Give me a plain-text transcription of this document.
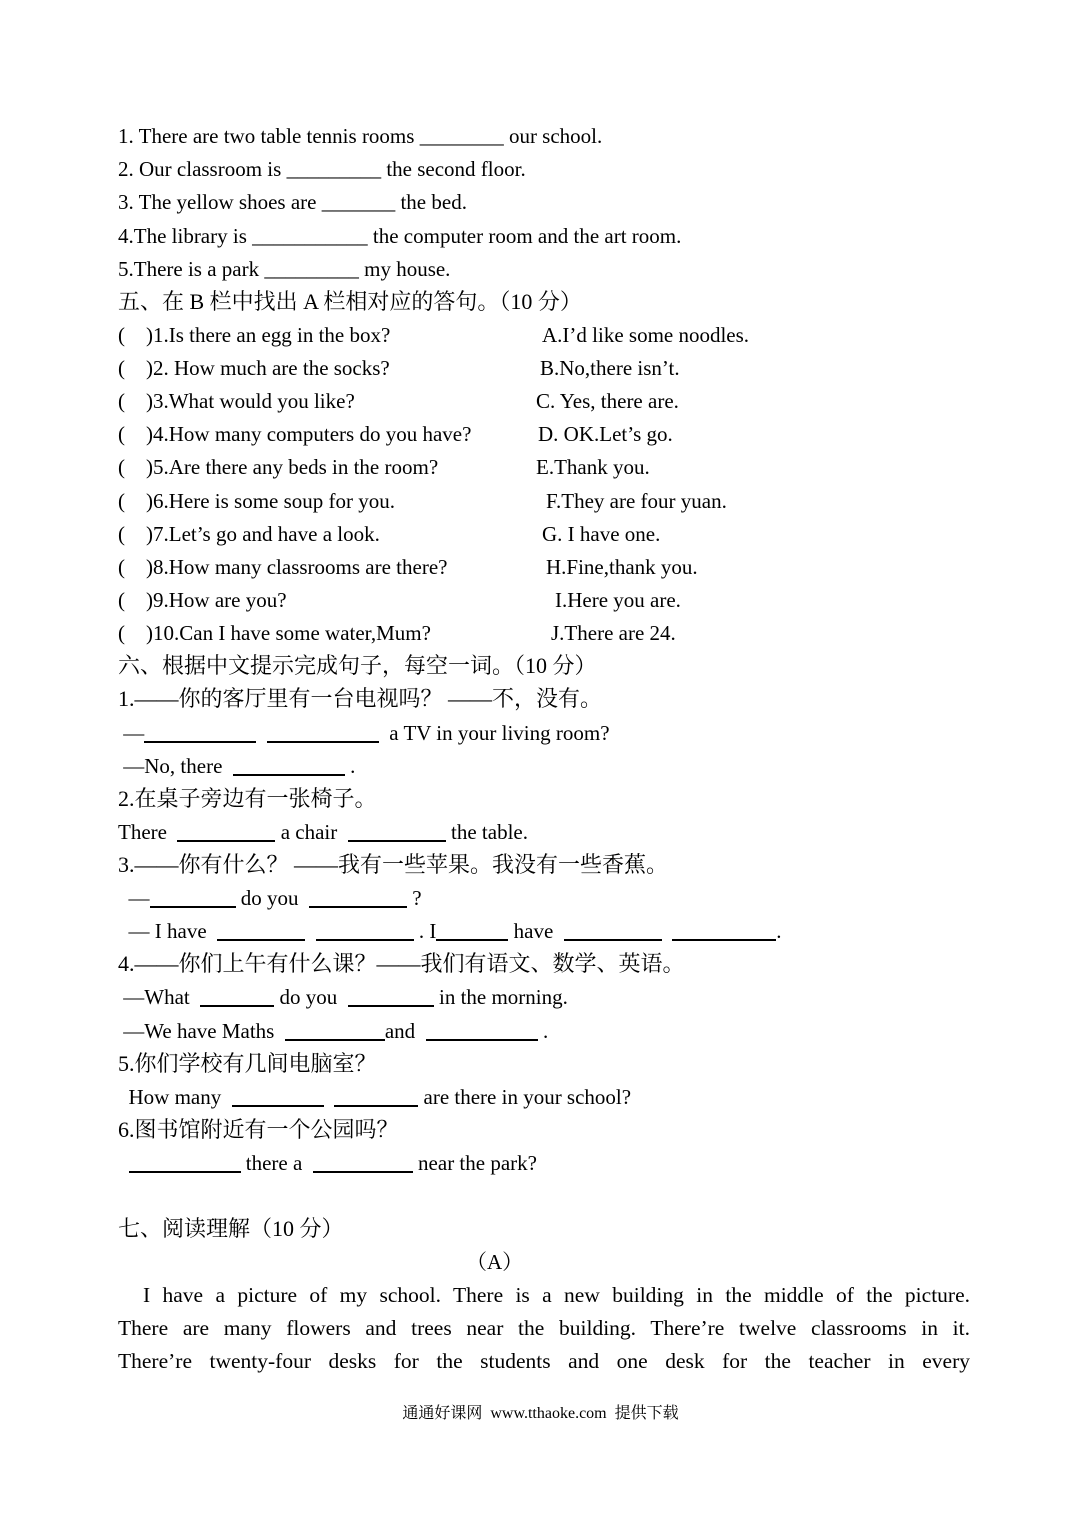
1. There are two table tennis rooms ________ our school.
2. Our classroom is _________ the second floor.
3. The yellow shoes are _______ the bed.
4.The library is ___________ the computer room and the art room.
5.There is a park _________ my house.
五、在 B 栏中找出 A 栏相对应的答句。（10 分）
(    )1.Is there an egg in the box?	A.I’d like some noodles.
(    )2. How much are the socks?	B.No,there isn’t.
(    )3.What would you like?	C. Yes, there are.
(    )4.How many computers do you have?	D. OK.Let’s go.
(    )5.Are there any beds in the room?	E.Thank you.
(    )6.Here is some soup for you.	F.They are four yuan.
(    )7.Let’s go and have a look.	G. I have one.
(    )8.How many classrooms are there?	H.Fine,thank you.
(    )9.How are you?	I.Here you are.
(    )10.Can I have some water,Mum?	J.There are 24.
六、根据中文提示完成句子，每空一词。（10 分）
1.——你的客厅里有一台电视吗？ ——不，没有。
—	a TV in your living room?
—No, there	.
2.在桌子旁边有一张椅子。
There	a chair	the table.
3.——你有什么？ ——我有一些苹果。我没有一些香蕉。
—	do you	?
— I have	. I	have	.
4.——你们上午有什么课？——我们有语文、数学、英语。
—What	do you	in the morning.
—We have Maths	and	.
5.你们学校有几间电脑室？
How many	are there in your school?
6.图书馆附近有一个公园吗？
there a	near the park?
七、阅读理解（10 分）
（A）

I have a picture of my school. There is a new building in the middle of the picture.

There are many flowers and trees near the building. There’re twelve classrooms in it.

There’re twenty-four desks for the students and one desk for the teacher in every

通通好课网  www.tthaoke.com  提供下载
